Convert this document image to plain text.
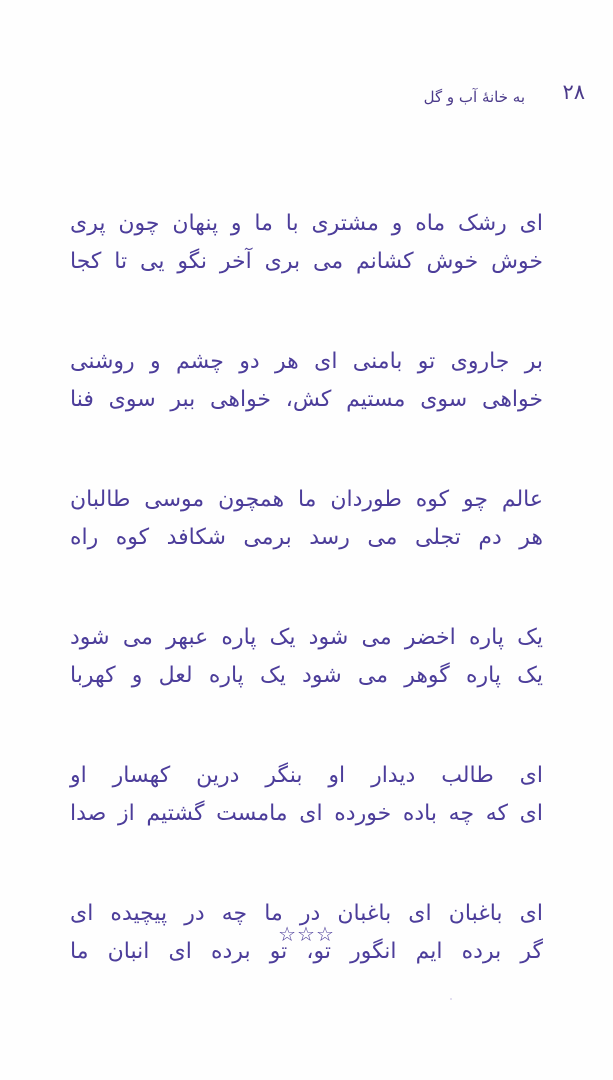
به خانهٔ آب و گل ۲۸
ای رشک ماه و مشتری با ما و پنهان چون پری
خوش خوش کشانم می بری آخر نگو یی تا کجا
بر جاروی تو بامنی ای هر دو چشم و روشنی
خواهی سوی مستیم کش، خواهی ببر سوی فنا
عالم چو کوه طوردان ما همچون موسی طالبان
هر دم تجلی می رسد برمی شکافد کوه راه
یک پاره اخضر می شود یک پاره عبهر می شود
یک پاره گوهر می شود یک پاره لعل و کهربا
ای طالب دیدار او بنگر درین کهسار او
ای که چه باده خورده ای مامست گشتیم از صدا
ای باغبان ای باغبان در ما چه در پیچیده ای
گر برده ایم انگور تو، تو برده ای انبان ما
☆☆☆
